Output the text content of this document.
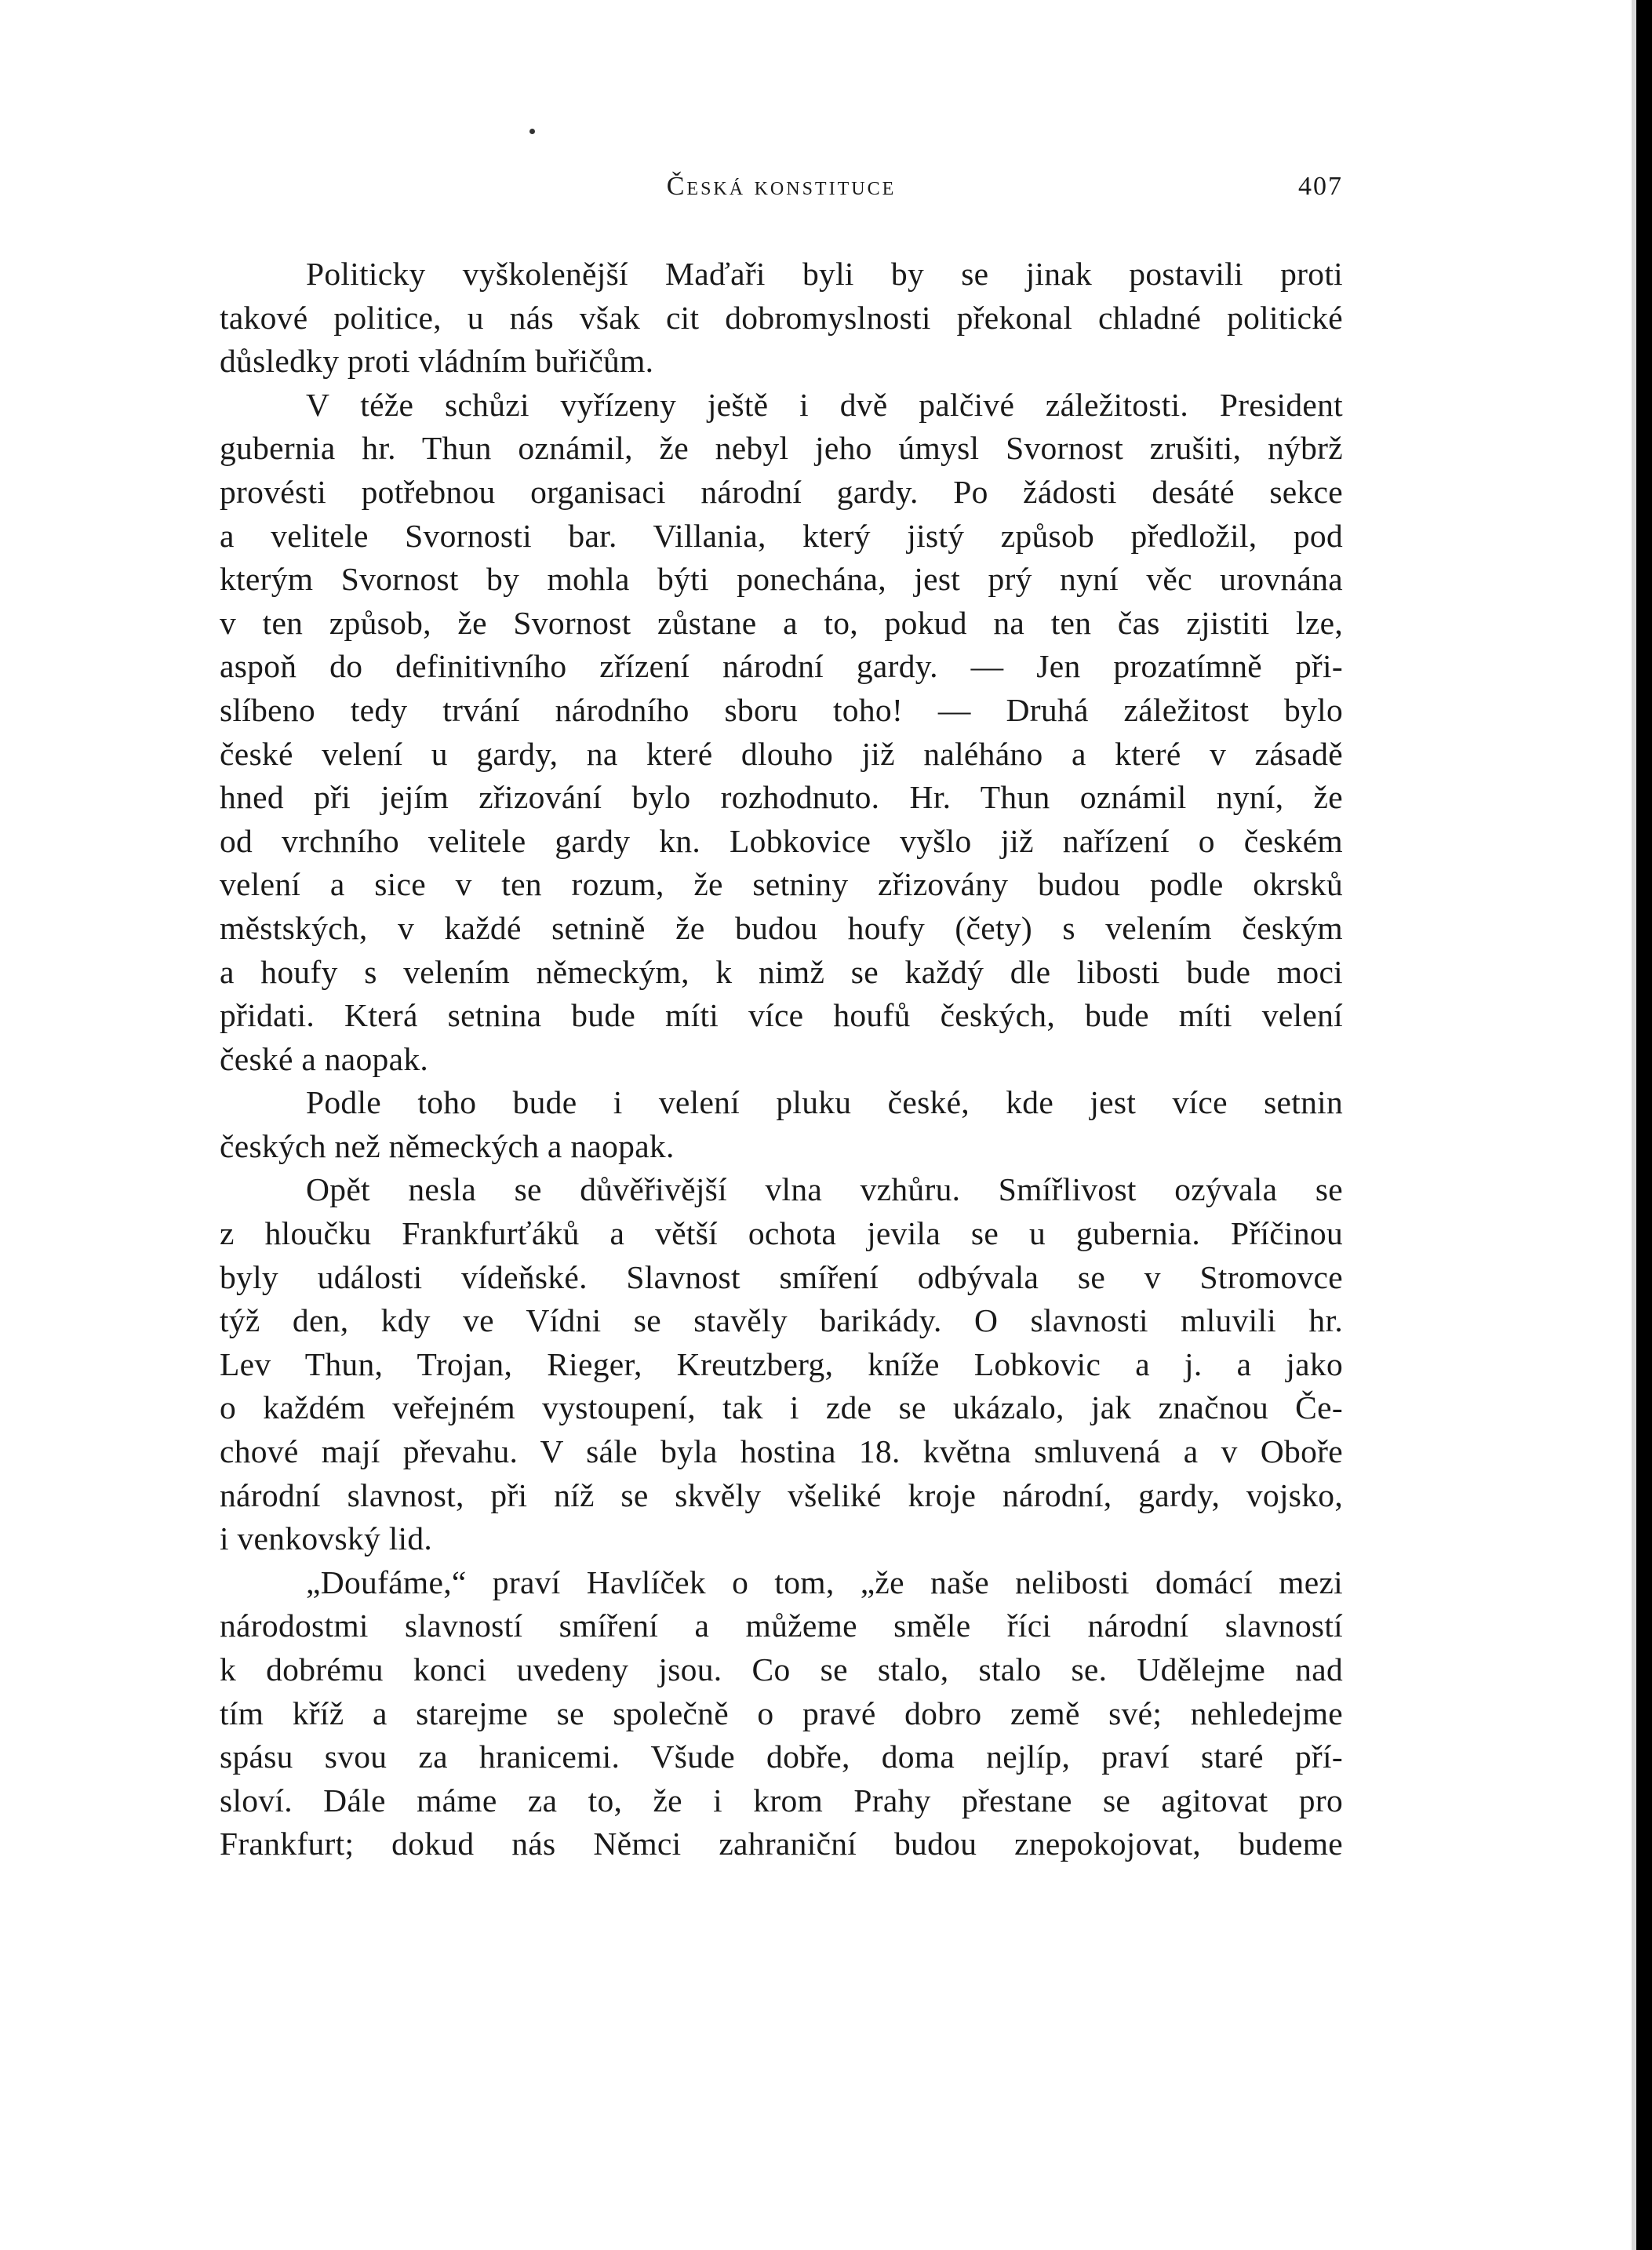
Česká konstituce	407
Politicky vyškolenější Maďaři byli by se jinak postavili proti
takové politice, u nás však cit dobromyslnosti překonal chladné politické
důsledky proti vládním buřičům.
V téže schůzi vyřízeny ještě i dvě palčivé záležitosti. President
gubernia hr. Thun oznámil, že nebyl jeho úmysl Svornost zrušiti, nýbrž
provésti potřebnou organisaci národní gardy. Po žádosti desáté sekce
a velitele Svornosti bar. Villania, který jistý způsob předložil, pod
kterým Svornost by mohla býti ponechána, jest prý nyní věc urovnána
v ten způsob, že Svornost zůstane a to, pokud na ten čas zjistiti lze,
aspoň do definitivního zřízení národní gardy. — Jen prozatímně při-
slíbeno tedy trvání národního sboru toho! — Druhá záležitost bylo
české velení u gardy, na které dlouho již naléháno a které v zásadě
hned při jejím zřizování bylo rozhodnuto. Hr. Thun oznámil nyní, že
od vrchního velitele gardy kn. Lobkovice vyšlo již nařízení o českém
velení a sice v ten rozum, že setniny zřizovány budou podle okrsků
městských, v každé setnině že budou houfy (čety) s velením českým
a houfy s velením německým, k nimž se každý dle libosti bude moci
přidati. Která setnina bude míti více houfů českých, bude míti velení
české a naopak.
Podle toho bude i velení pluku české, kde jest více setnin
českých než německých a naopak.
Opět nesla se důvěřivější vlna vzhůru. Smířlivost ozývala se
z hloučku Frankfurťáků a větší ochota jevila se u gubernia. Příčinou
byly události vídeňské. Slavnost smíření odbývala se v Stromovce
týž den, kdy ve Vídni se stavěly barikády. O slavnosti mluvili hr.
Lev Thun, Trojan, Rieger, Kreutzberg, kníže Lobkovic a j. a jako
o každém veřejném vystoupení, tak i zde se ukázalo, jak značnou Če-
chové mají převahu. V sále byla hostina 18. května smluvená a v Oboře
národní slavnost, při níž se skvěly všeliké kroje národní, gardy, vojsko,
i venkovský lid.
„Doufáme,“ praví Havlíček o tom, „že naše nelibosti domácí mezi
národostmi slavností smíření a můžeme směle říci národní slavností
k dobrému konci uvedeny jsou. Co se stalo, stalo se. Udělejme nad
tím kříž a starejme se společně o pravé dobro země své; nehledejme
spásu svou za hranicemi. Všude dobře, doma nejlíp, praví staré pří-
sloví. Dále máme za to, že i krom Prahy přestane se agitovat pro
Frankfurt; dokud nás Němci zahraniční budou znepokojovat, budeme
